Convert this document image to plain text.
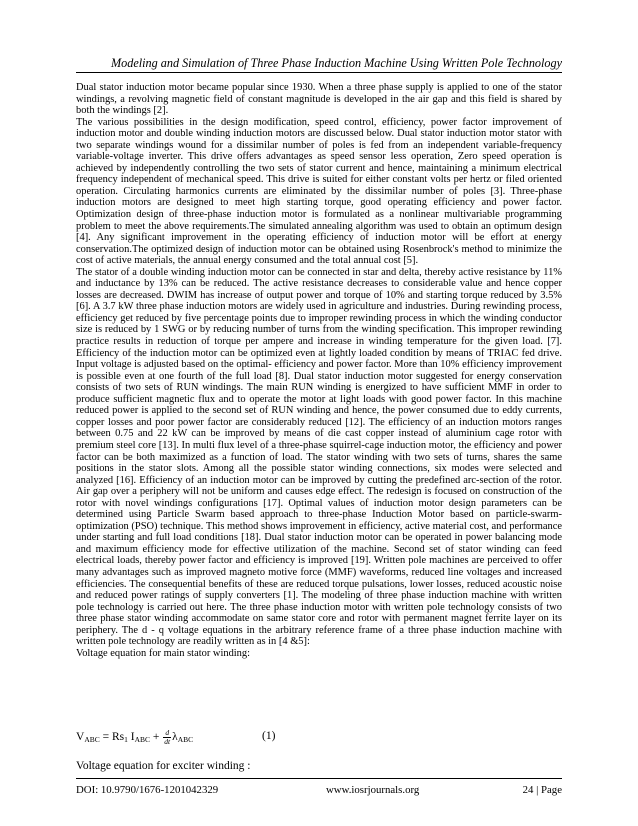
Modeling and Simulation of Three Phase Induction Machine Using Written Pole Technology

Dual stator induction motor became popular since 1930. When a three phase supply is applied to one of the stator windings, a revolving magnetic field of constant magnitude is developed in the air gap and this field is shared by both the windings [2].

The various possibilities in the design modification, speed control, efficiency, power factor improvement of induction motor and double winding induction motors are discussed below. Dual stator induction motor stator with two separate windings wound for a dissimilar number of poles is fed from an independent variable-frequency variable-voltage inverter. This drive offers advantages as speed sensor less operation, Zero speed operation is achieved by independently controlling the two sets of stator current and hence, maintaining a minimum electrical frequency independent of mechanical speed. This drive is suited for either constant volts per hertz or filed oriented operation. Circulating harmonics currents are eliminated by the dissimilar number of poles [3]. Three-phase induction motors are designed to meet high starting torque, good operating efficiency and power factor. Optimization design of three-phase induction motor is formulated as a nonlinear multivariable programming problem to meet the above requirements.The simulated annealing algorithm was used to obtain an optimum design [4]. Any significant improvement in the operating efficiency of induction motor will be effort at energy conservation.The optimized design of induction motor can be obtained using Rosenbrock's method to minimize the cost of active materials, the annual energy consumed and the total annual cost [5].

The stator of a double winding induction motor can be connected in star and delta, thereby active resistance by 11% and inductance by 13% can be reduced. The active resistance decreases to considerable value and hence copper losses are decreased. DWIM has increase of output power and torque of 10% and starting torque reduced by 3.5% [6]. A 3.7 kW three phase induction motors are widely used in agriculture and industries. During rewinding process, efficiency get reduced by five percentage points due to improper rewinding process in which the winding conductor size is reduced by 1 SWG or by reducing number of turns from the winding specification. This improper rewinding practice results in reduction of torque per ampere and increase in winding temperature for the given load. [7]. Efficiency of the induction motor can be optimized even at lightly loaded condition by means of TRIAC fed drive. Input voltage is adjusted based on the optimal- efficiency and power factor. More than 10% efficiency improvement is possible even at one fourth of the full load [8]. Dual stator induction motor suggested for energy conservation consists of two sets of RUN windings. The main RUN winding is energized to have sufficient MMF in order to produce sufficient magnetic flux and to operate the motor at light loads with good power factor. In this machine reduced power is applied to the second set of RUN winding and hence, the power consumed due to eddy currents, copper losses and poor power factor are considerably reduced [12]. The efficiency of an induction motors ranges between 0.75 and 22 kW can be improved by means of die cast copper instead of aluminium cage rotor with premium steel core [13]. In multi flux level of a three-phase squirrel-cage induction motor, the efficiency and power factor can be both maximized as a function of load. The stator winding with two sets of turns, shares the same positions in the stator slots. Among all the possible stator winding connections, six modes were selected and analyzed [16]. Efficiency of an induction motor can be improved by cutting the predefined arc-section of the rotor. Air gap over a periphery will not be uniform and causes edge effect. The redesign is focused on construction of the rotor with novel windings configurations [17]. Optimal values of induction motor design parameters can be determined using Particle Swarm based approach to three-phase Induction Motor based on particle-swarm-optimization (PSO) technique. This method shows improvement in efficiency, active material cost, and performance under starting and full load conditions [18]. Dual stator induction motor can be operated in power balancing mode and maximum efficiency mode for effective utilization of the machine. Second set of stator winding can feed electrical loads, thereby power factor and efficiency is improved [19]. Written pole machines are perceived to offer many advantages such as improved magneto motive force (MMF) waveforms, reduced line voltages and increased efficiencies. The consequential benefits of these are reduced torque pulsations, lower losses, reduced acoustic noise and reduced power ratings of supply converters [1]. The modeling of three phase induction machine with written pole technology is carried out here. The three phase induction motor with written pole technology consists of two three phase stator winding accommodate on same stator core and rotor with permanent magnet ferrite layer on its periphery. The d - q voltage equations in the arbitrary reference frame of a three phase induction machine with written pole technology are readily written as in [4 &5]:

Voltage equation for main stator winding:

$V_{ABC} = Rs_1$ $I_{ABC} + \frac{d}{dt} \lambda_{ABC}$	(1)
Voltage equation for exciter winding :
DOI: 10.9790/1676-1201042329	www.iosrjournals.org	24 | Page
